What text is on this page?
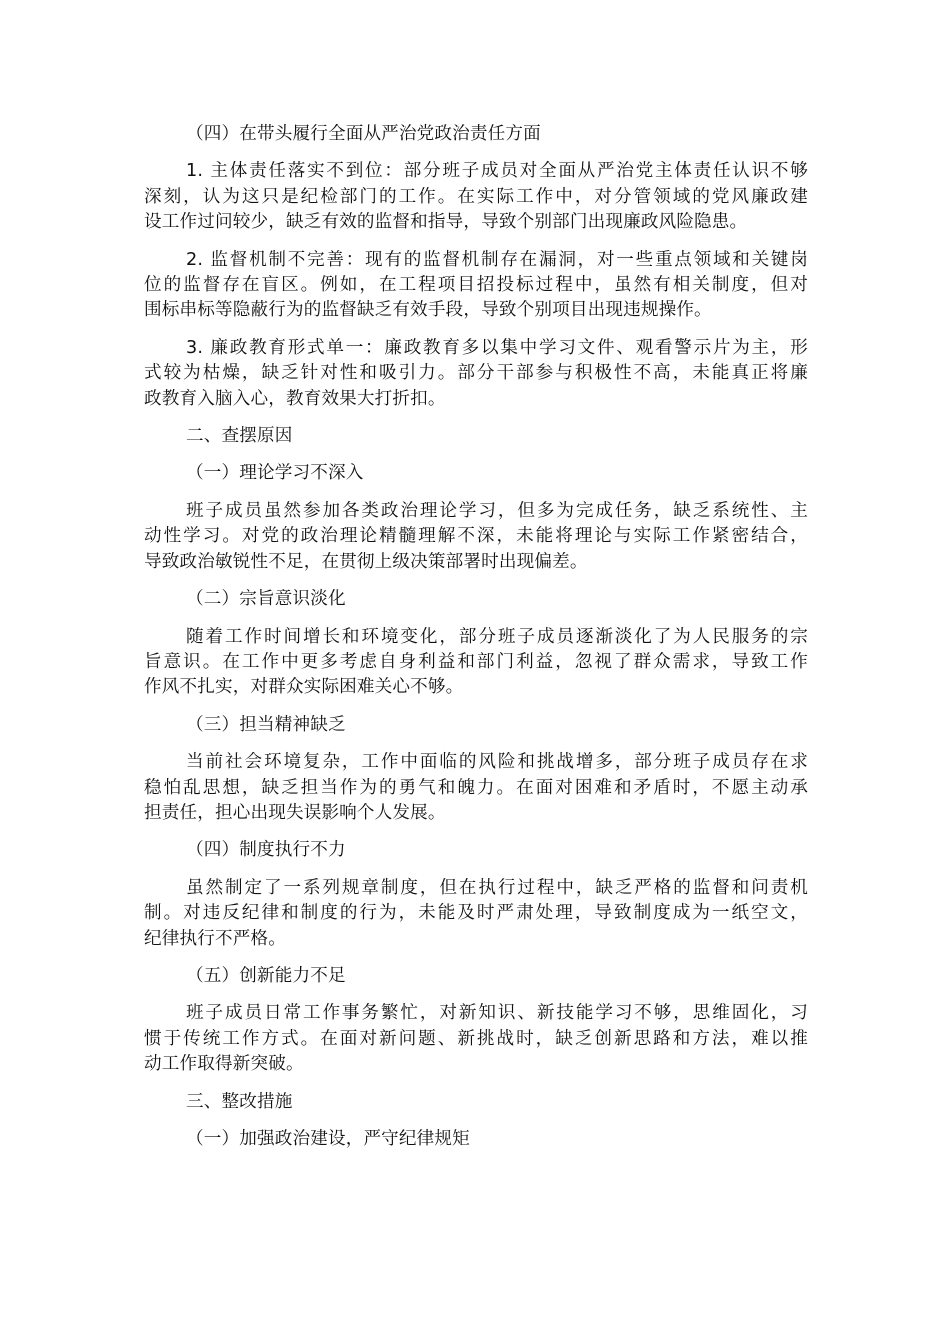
（四）在带头履行全面从严治党政治责任方面

1. 主体责任落实不到位：部分班子成员对全面从严治党主体责任认识不够

深刻，认为这只是纪检部门的工作。在实际工作中，对分管领域的党风廉政建

设工作过问较少，缺乏有效的监督和指导，导致个别部门出现廉政风险隐患。

2. 监督机制不完善：现有的监督机制存在漏洞，对一些重点领域和关键岗

位的监督存在盲区。例如，在工程项目招投标过程中，虽然有相关制度，但对

围标串标等隐蔽行为的监督缺乏有效手段，导致个别项目出现违规操作。

3. 廉政教育形式单一：廉政教育多以集中学习文件、观看警示片为主，形

式较为枯燥，缺乏针对性和吸引力。部分干部参与积极性不高，未能真正将廉

政教育入脑入心，教育效果大打折扣。

二、查摆原因

（一）理论学习不深入

班子成员虽然参加各类政治理论学习，但多为完成任务，缺乏系统性、主

动性学习。对党的政治理论精髓理解不深，未能将理论与实际工作紧密结合，

导致政治敏锐性不足，在贯彻上级决策部署时出现偏差。

（二）宗旨意识淡化

随着工作时间增长和环境变化，部分班子成员逐渐淡化了为人民服务的宗

旨意识。在工作中更多考虑自身利益和部门利益，忽视了群众需求，导致工作

作风不扎实，对群众实际困难关心不够。

（三）担当精神缺乏

当前社会环境复杂，工作中面临的风险和挑战增多，部分班子成员存在求

稳怕乱思想，缺乏担当作为的勇气和魄力。在面对困难和矛盾时，不愿主动承

担责任，担心出现失误影响个人发展。

（四）制度执行不力

虽然制定了一系列规章制度，但在执行过程中，缺乏严格的监督和问责机

制。对违反纪律和制度的行为，未能及时严肃处理，导致制度成为一纸空文，

纪律执行不严格。

（五）创新能力不足

班子成员日常工作事务繁忙，对新知识、新技能学习不够，思维固化，习

惯于传统工作方式。在面对新问题、新挑战时，缺乏创新思路和方法，难以推

动工作取得新突破。

三、整改措施

（一）加强政治建设，严守纪律规矩
